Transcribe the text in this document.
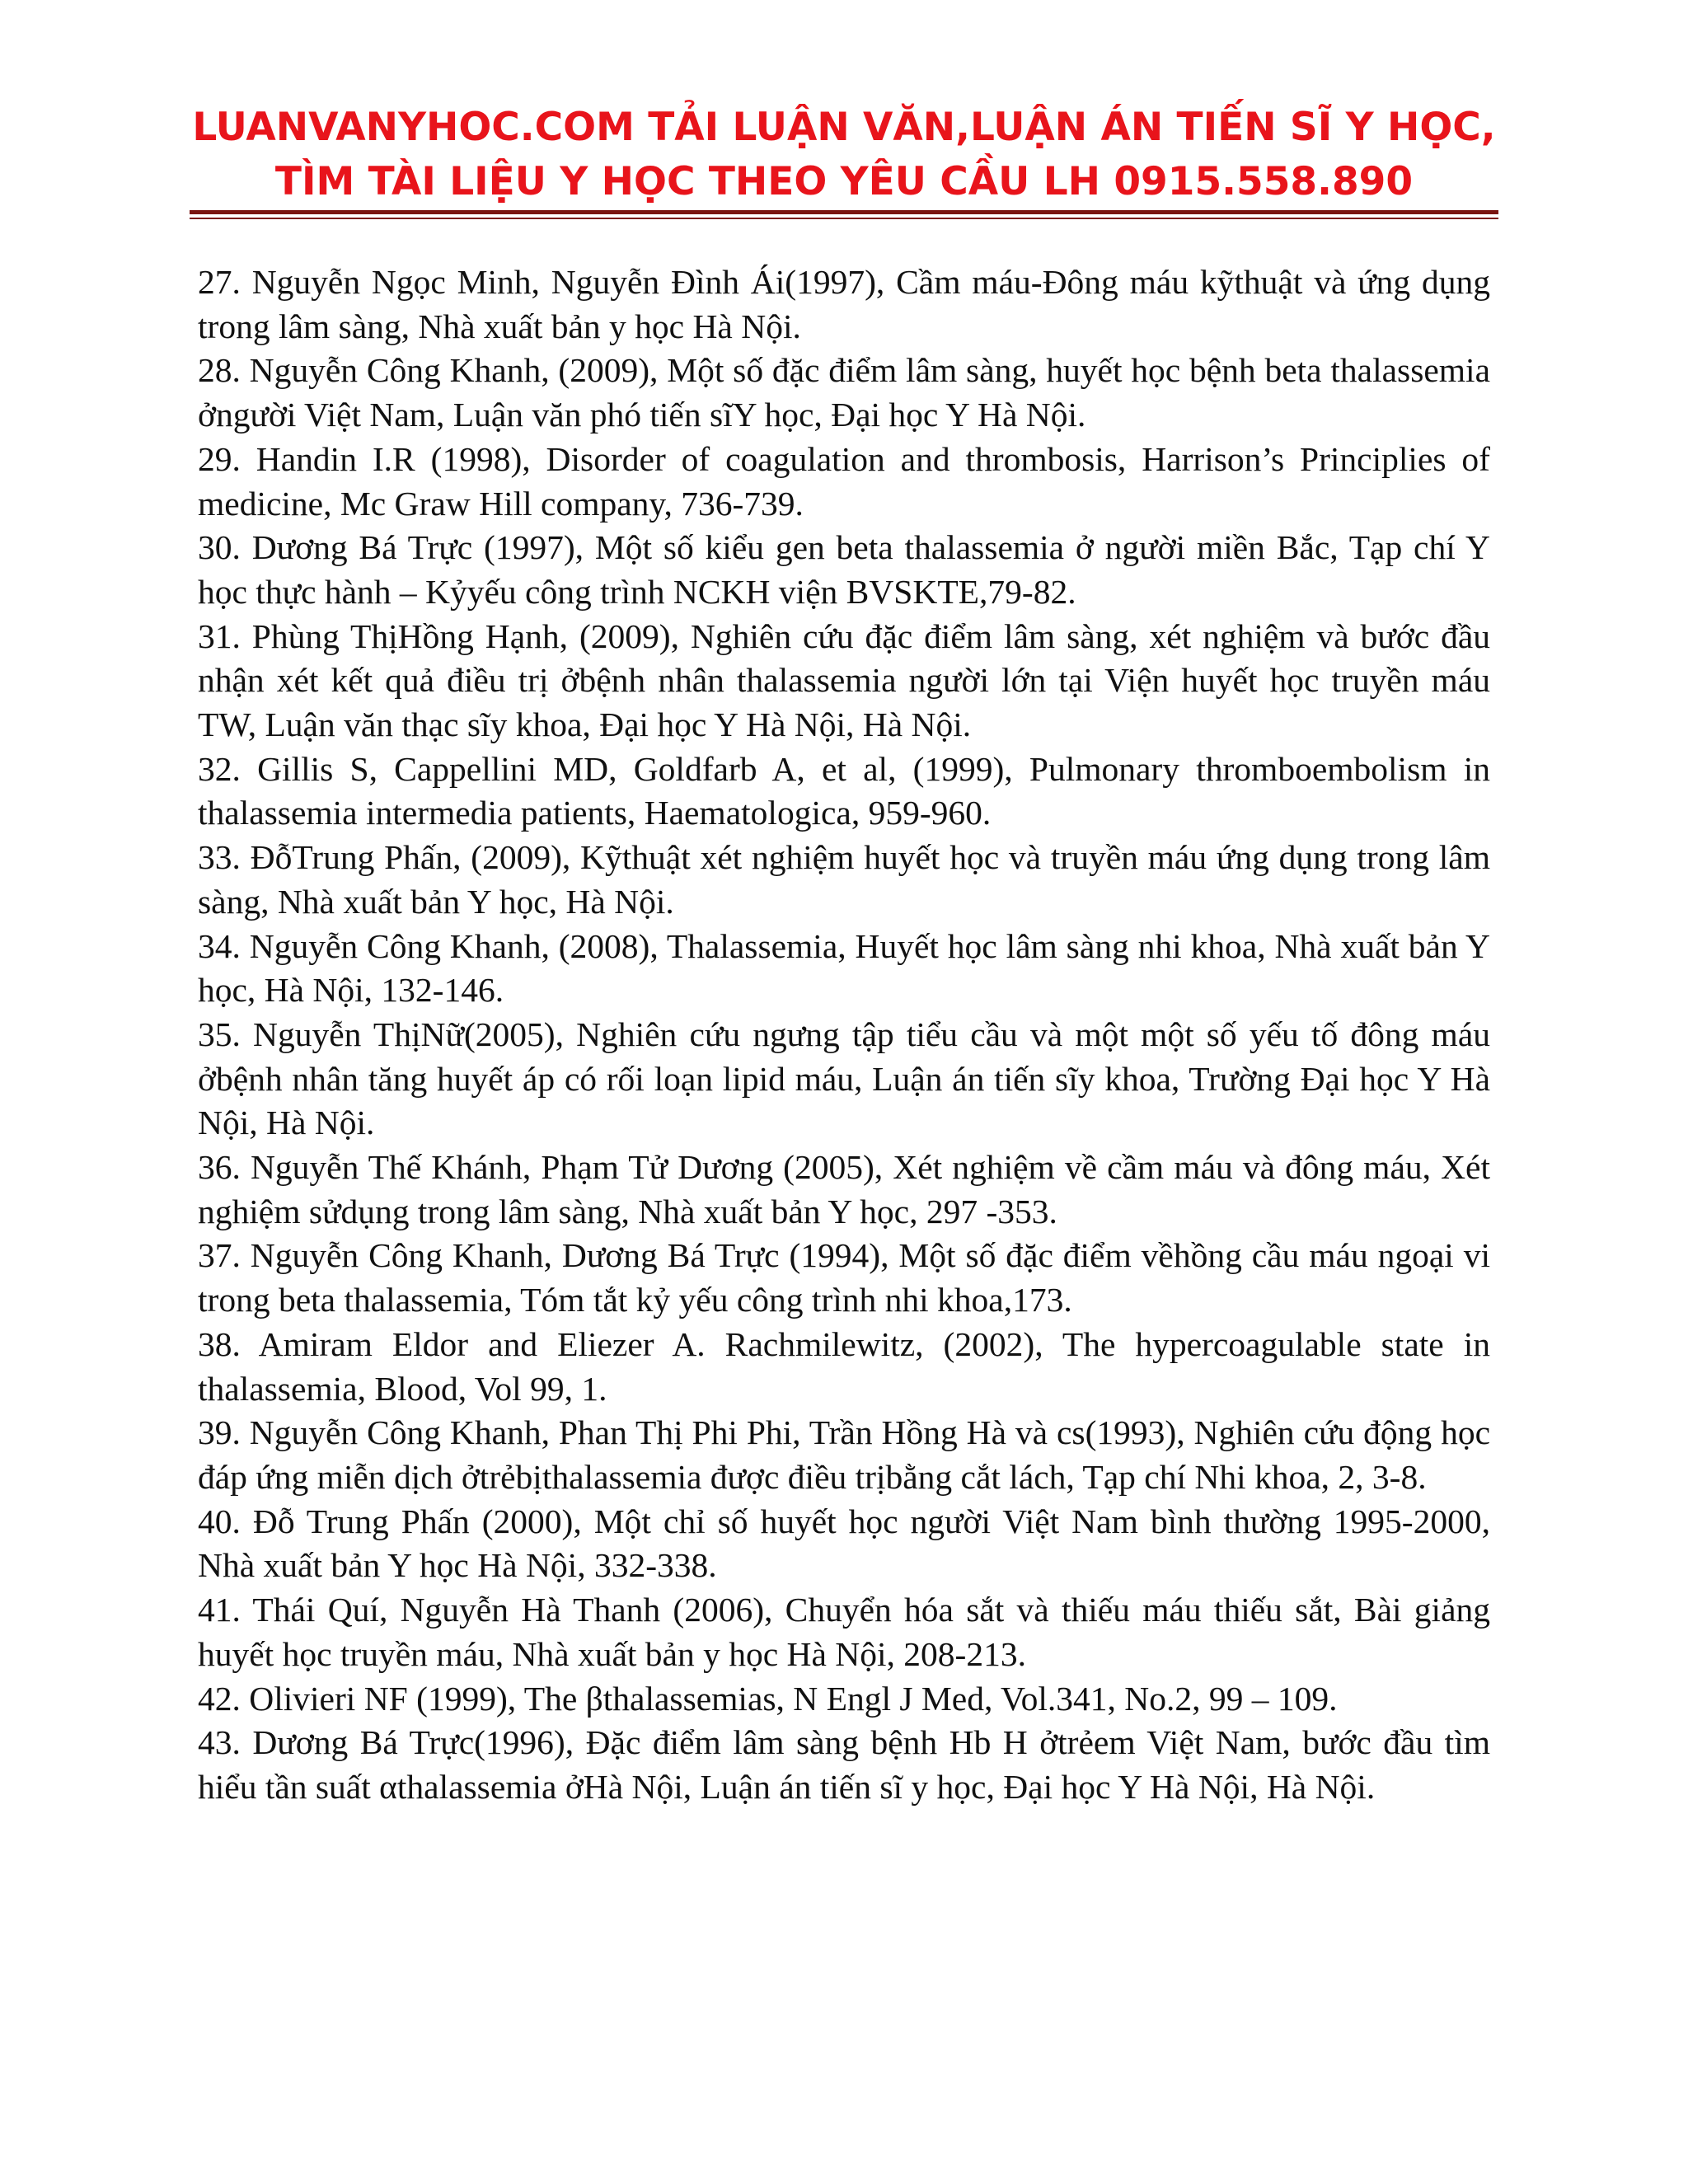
LUANVANYHOC.COM TẢI LUẬN VĂN,LUẬN ÁN TIẾN SĨ Y HỌC,
TÌM TÀI LIỆU Y HỌC THEO YÊU CẦU LH 0915.558.890

27. Nguyễn Ngọc Minh, Nguyễn Đình Ái(1997), Cầm máu-Đông máu kỹthuật và ứng dụng trong lâm sàng, Nhà xuất bản y học Hà Nội.

28. Nguyễn Công Khanh, (2009), Một số đặc điểm lâm sàng, huyết học bệnh beta thalassemia ởngười Việt Nam, Luận văn phó tiến sĩY học, Đại học Y Hà Nội.

29. Handin I.R (1998), Disorder of coagulation and thrombosis, Harrison’s Principlies of medicine, Mc Graw Hill company, 736-739.

30. Dương Bá Trực (1997), Một số kiểu gen beta thalassemia ở người miền Bắc, Tạp chí Y học thực hành – Kỷyếu công trình NCKH viện BVSKTE,79-82.

31. Phùng ThịHồng Hạnh, (2009), Nghiên cứu đặc điểm lâm sàng, xét nghiệm và bước đầu nhận xét kết quả điều trị ởbệnh nhân thalassemia người lớn tại Viện huyết học truyền máu TW, Luận văn thạc sĩy khoa, Đại học Y Hà Nội, Hà Nội.

32. Gillis S, Cappellini MD, Goldfarb A, et al, (1999), Pulmonary thromboembolism in thalassemia intermedia patients, Haematologica, 959-960.

33. ĐỗTrung Phấn, (2009), Kỹthuật xét nghiệm huyết học và truyền máu ứng dụng trong lâm sàng, Nhà xuất bản Y học, Hà Nội.

34. Nguyễn Công Khanh, (2008), Thalassemia, Huyết học lâm sàng nhi khoa, Nhà xuất bản Y học, Hà Nội, 132-146.

35. Nguyễn ThịNữ(2005), Nghiên cứu ngưng tập tiểu cầu và một một số yếu tố đông máu ởbệnh nhân tăng huyết áp có rối loạn lipid máu, Luận án tiến sĩy khoa, Trường Đại học Y Hà Nội, Hà Nội.

36. Nguyễn Thế Khánh, Phạm Tử Dương (2005), Xét nghiệm về cầm máu và đông máu, Xét nghiệm sửdụng trong lâm sàng, Nhà xuất bản Y học, 297 -353.

37. Nguyễn Công Khanh, Dương Bá Trực (1994), Một số đặc điểm vềhồng cầu máu ngoại vi trong beta thalassemia, Tóm tắt kỷ yếu công trình nhi khoa,173.

38. Amiram Eldor and Eliezer A. Rachmilewitz, (2002), The hypercoagulable state in thalassemia, Blood, Vol 99, 1.

39. Nguyễn Công Khanh, Phan Thị Phi Phi, Trần Hồng Hà và cs(1993), Nghiên cứu động học đáp ứng miễn dịch ởtrẻbịthalassemia được điều trịbằng cắt lách, Tạp chí Nhi khoa, 2, 3-8.

40. Đỗ Trung Phấn (2000), Một chỉ số huyết học người Việt Nam bình thường 1995-2000, Nhà xuất bản Y học Hà Nội, 332-338.

41. Thái Quí, Nguyễn Hà Thanh (2006), Chuyển hóa sắt và thiếu máu thiếu sắt, Bài giảng huyết học truyền máu, Nhà xuất bản y học Hà Nội, 208-213.

42. Olivieri NF (1999), The βthalassemias, N Engl J Med, Vol.341, No.2, 99 – 109.

43. Dương Bá Trực(1996), Đặc điểm lâm sàng bệnh Hb H ởtrẻem Việt Nam, bước đầu tìm hiểu tần suất αthalassemia ởHà Nội, Luận án tiến sĩ y học, Đại học Y Hà Nội, Hà Nội.
